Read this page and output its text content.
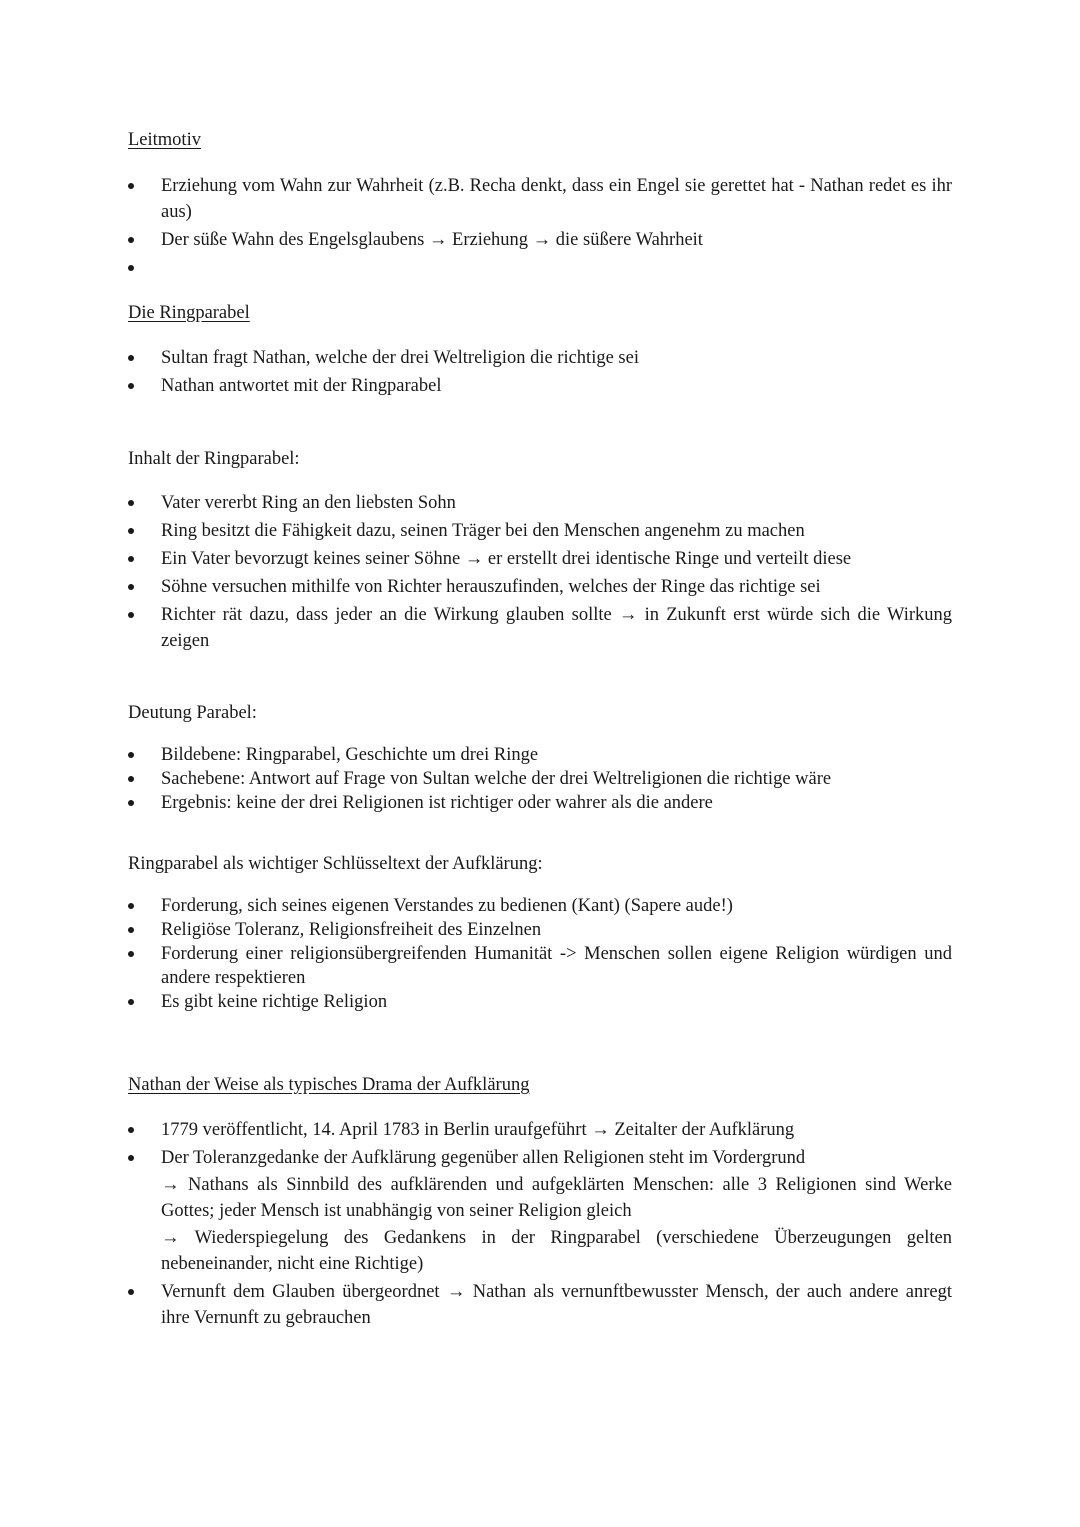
Leitmotiv
Erziehung vom Wahn zur Wahrheit (z.B. Recha denkt, dass ein Engel sie gerettet hat - Nathan redet es ihr aus)
Der süße Wahn des Engelsglaubens → Erziehung → die süßere Wahrheit

Die Ringparabel
Sultan fragt Nathan, welche der drei Weltreligion die richtige sei
Nathan antwortet mit der Ringparabel
Inhalt der Ringparabel:
Vater vererbt Ring an den liebsten Sohn
Ring besitzt die Fähigkeit dazu, seinen Träger bei den Menschen angenehm zu machen
Ein Vater bevorzugt keines seiner Söhne → er erstellt drei identische Ringe und verteilt diese
Söhne versuchen mithilfe von Richter herauszufinden, welches der Ringe das richtige sei
Richter rät dazu, dass jeder an die Wirkung glauben sollte → in Zukunft erst würde sich die Wirkung zeigen
Deutung Parabel:
Bildebene: Ringparabel, Geschichte um drei Ringe
Sachebene: Antwort auf Frage von Sultan welche der drei Weltreligionen die richtige wäre
Ergebnis: keine der drei Religionen ist richtiger oder wahrer als die andere
Ringparabel als wichtiger Schlüsseltext der Aufklärung:
Forderung, sich seines eigenen Verstandes zu bedienen (Kant) (Sapere aude!)
Religiöse Toleranz, Religionsfreiheit des Einzelnen
Forderung einer religionsübergreifenden Humanität -> Menschen sollen eigene Religion würdigen und andere respektieren
Es gibt keine richtige Religion
Nathan der Weise als typisches Drama der Aufklärung
1779 veröffentlicht, 14. April 1783 in Berlin uraufgeführt → Zeitalter der Aufklärung
Der Toleranzgedanke der Aufklärung gegenüber allen Religionen steht im Vordergrund
→ Nathans als Sinnbild des aufklärenden und aufgeklärten Menschen: alle 3 Religionen sind Werke Gottes; jeder Mensch ist unabhängig von seiner Religion gleich
→ Wiederspiegelung des Gedankens in der Ringparabel (verschiedene Überzeugungen gelten nebeneinander, nicht eine Richtige)
Vernunft dem Glauben übergeordnet → Nathan als vernunftbewusster Mensch, der auch andere anregt ihre Vernunft zu gebrauchen
